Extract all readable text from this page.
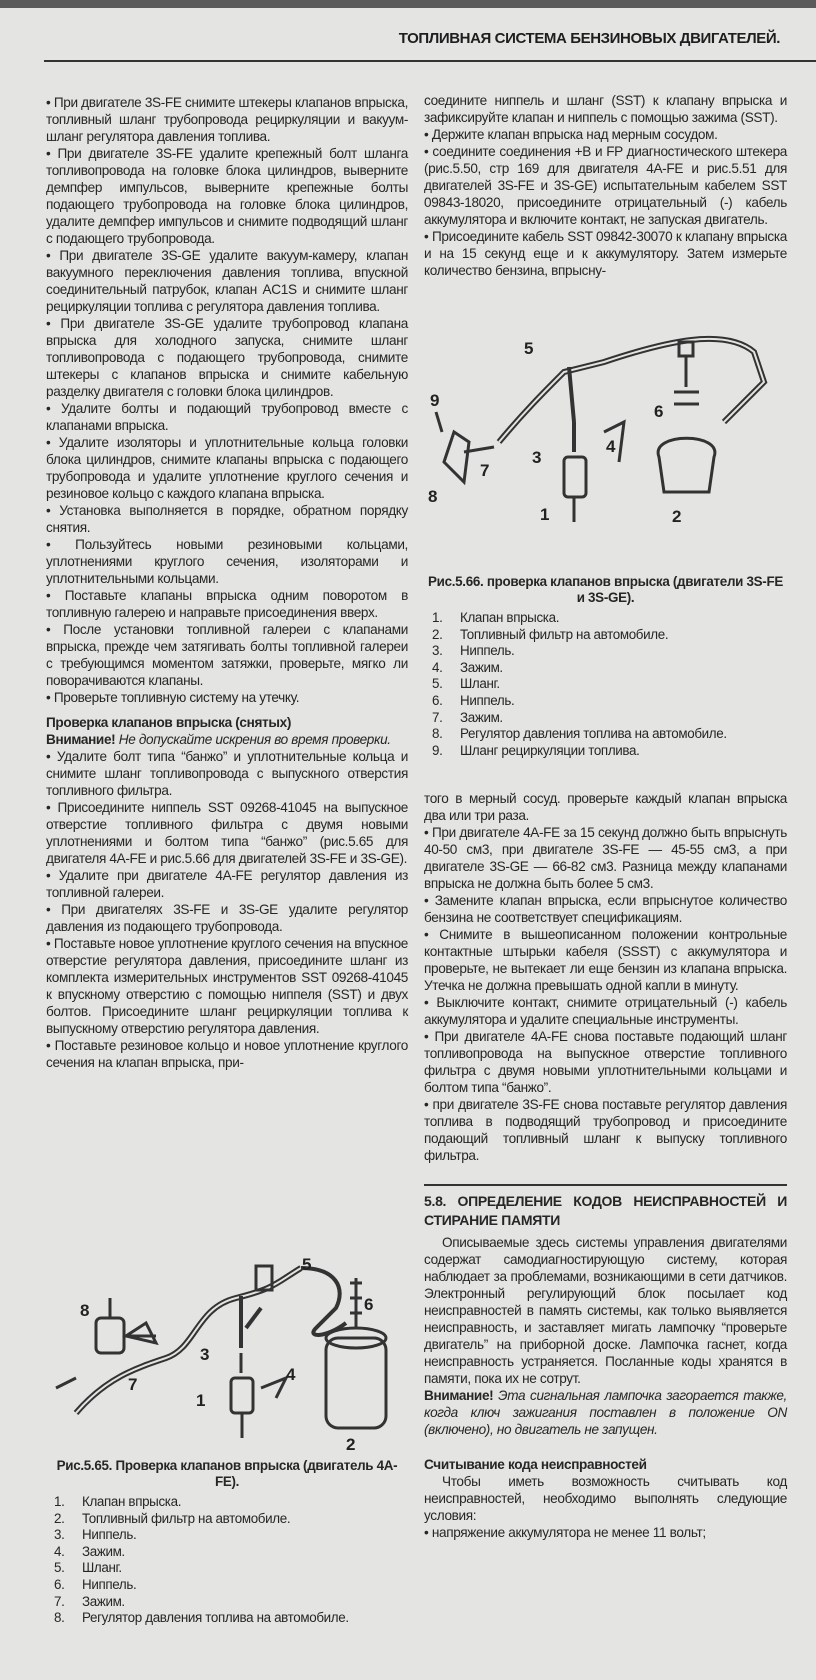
ТОПЛИВНАЯ СИСТЕМА БЕНЗИНОВЫХ ДВИГАТЕЛЕЙ.

• При двигателе 3S-FE снимите штекеры клапанов впрыска, топливный шланг трубопровода рециркуляции и вакуум-шланг регулятора давления топлива.

• При двигателе 3S-FE удалите крепежный болт шланга топливопровода на головке блока цилиндров, выверните демпфер импульсов, выверните крепежные болты подающего трубопровода на головке блока цилиндров, удалите демпфер импульсов и снимите подводящий шланг с подающего трубопровода.

• При двигателе 3S-GE удалите вакуум-камеру, клапан вакуумного переключения давления топлива, впускной соединительный патрубок, клапан AC1S и снимите шланг рециркуляции топлива с регулятора давления топлива.

• При двигателе 3S-GE удалите трубопровод клапана впрыска для холодного запуска, снимите шланг топливопровода с подающего трубопровода, снимите штекеры с клапанов впрыска и снимите кабельную разделку двигателя с головки блока цилиндров.

• Удалите болты и подающий трубопровод вместе с клапанами впрыска.

• Удалите изоляторы и уплотнительные кольца головки блока цилиндров, снимите клапаны впрыска с подающего трубопровода и удалите уплотнение круглого сечения и резиновое кольцо с каждого клапана впрыска.

• Установка выполняется в порядке, обратном порядку снятия.

• Пользуйтесь новыми резиновыми кольцами, уплотнениями круглого сечения, изоляторами и уплотнительными кольцами.

• Поставьте клапаны впрыска одним поворотом в топливную галерею и направьте присоединения вверх.

• После установки топливной галереи с клапанами впрыска, прежде чем затягивать болты топливной галереи с требующимся моментом затяжки, проверьте, мягко ли поворачиваются клапаны.

• Проверьте топливную систему на утечку.

Проверка клапанов впрыска (снятых)

Внимание! Не допускайте искрения во время проверки.

• Удалите болт типа “банжо” и уплотнительные кольца и снимите шланг топливопровода с выпускного отверстия топливного фильтра.

• Присоедините ниппель SST 09268-41045 на выпускное отверстие топливного фильтра с двумя новыми уплотнениями и болтом типа “банжо” (рис.5.65 для двигателя 4A-FE и рис.5.66 для двигателей 3S-FE и 3S-GE).

• Удалите при двигателе 4A-FE регулятор давления из топливной галереи.

• При двигателях 3S-FE и 3S-GE удалите регулятор давления из подающего трубопровода.

• Поставьте новое уплотнение круглого сечения на впускное отверстие регулятора давления, присоедините шланг из комплекта измерительных инструментов SST 09268-41045 к впускному отверстию с помощью ниппеля (SST) и двух болтов. Присоедините шланг рециркуляции топлива к выпускному отверстию регулятора давления.

• Поставьте резиновое кольцо и новое уплотнение круглого сечения на клапан впрыска, при-

5
6
8
7
3
4
1
2

Рис.5.65. Проверка клапанов впрыска (двигатель 4A-FE).

1. Клапан впрыска.
2. Топливный фильтр на автомобиле.
3. Ниппель.
4. Зажим.
5. Шланг.
6. Ниппель.
7. Зажим.
8. Регулятор давления топлива на автомобиле.

соедините ниппель и шланг (SST) к клапану впрыска и зафиксируйте клапан и ниппель с помощью зажима (SST).

• Держите клапан впрыска над мерным сосудом.

• соедините соединения +B и FP диагностического штекера (рис.5.50, стр 169 для двигателя 4A-FE и рис.5.51 для двигателей 3S-FE и 3S-GE) испытательным кабелем SST 09843-18020, присоедините отрицательный (-) кабель аккумулятора и включите контакт, не запуская двигатель.

• Присоедините кабель SST 09842-30070 к клапану впрыска и на 15 секунд еще и к аккумулятору. Затем измерьте количество бензина, впрысну-

5
6
9
7
3
4
8
1	2

Рис.5.66. проверка клапанов впрыска (двигатели 3S-FE и 3S-GE).

1. Клапан впрыска.
2. Топливный фильтр на автомобиле.
3. Ниппель.
4. Зажим.
5. Шланг.
6. Ниппель.
7. Зажим.
8. Регулятор давления топлива на автомобиле.
9. Шланг рециркуляции топлива.

того в мерный сосуд. проверьте каждый клапан впрыска два или три раза.

• При двигателе 4A-FE за 15 секунд должно быть впрыснуть 40-50 см3, при двигателе 3S-FE — 45-55 см3, а при двигателе 3S-GE — 66-82 см3. Разница между клапанами впрыска не должна быть более 5 см3.

• Замените клапан впрыска, если впрыснутое количество бензина не соответствует спецификациям.

• Снимите в вышеописанном положении контрольные контактные штырьки кабеля (SSST) с аккумулятора и проверьте, не вытекает ли еще бензин из клапана впрыска. Утечка не должна превышать одной капли в минуту.

• Выключите контакт, снимите отрицательный (-) кабель аккумулятора и удалите специальные инструменты.

• При двигателе 4A-FE снова поставьте подающий шланг топливопровода на выпускное отверстие топливного фильтра с двумя новыми уплотнительными кольцами и болтом типа “банжо”.

• при двигателе 3S-FE снова поставьте регулятор давления топлива в подводящий трубопровод и присоедините подающий топливный шланг к выпуску топливного фильтра.

5.8. ОПРЕДЕЛЕНИЕ КОДОВ НЕИСПРАВНОСТЕЙ И СТИРАНИЕ ПАМЯТИ

Описываемые здесь системы управления двигателями содержат самодиагностирующую систему, которая наблюдает за проблемами, возникающими в сети датчиков. Электронный регулирующий блок посылает код неисправностей в память системы, как только выявляется неисправность, и заставляет мигать лампочку “проверьте двигатель” на приборной доске. Лампочка гаснет, когда неисправность устраняется. Посланные коды хранятся в памяти, пока их не сотрут.

Внимание! Эта сигнальная лампочка загорается также, когда ключ зажигания поставлен в положение ON (включено), но двигатель не запущен.

Считывание кода неисправностей

Чтобы иметь возможность считывать код неисправностей, необходимо выполнять следующие условия:

• напряжение аккумулятора не менее 11 вольт;
